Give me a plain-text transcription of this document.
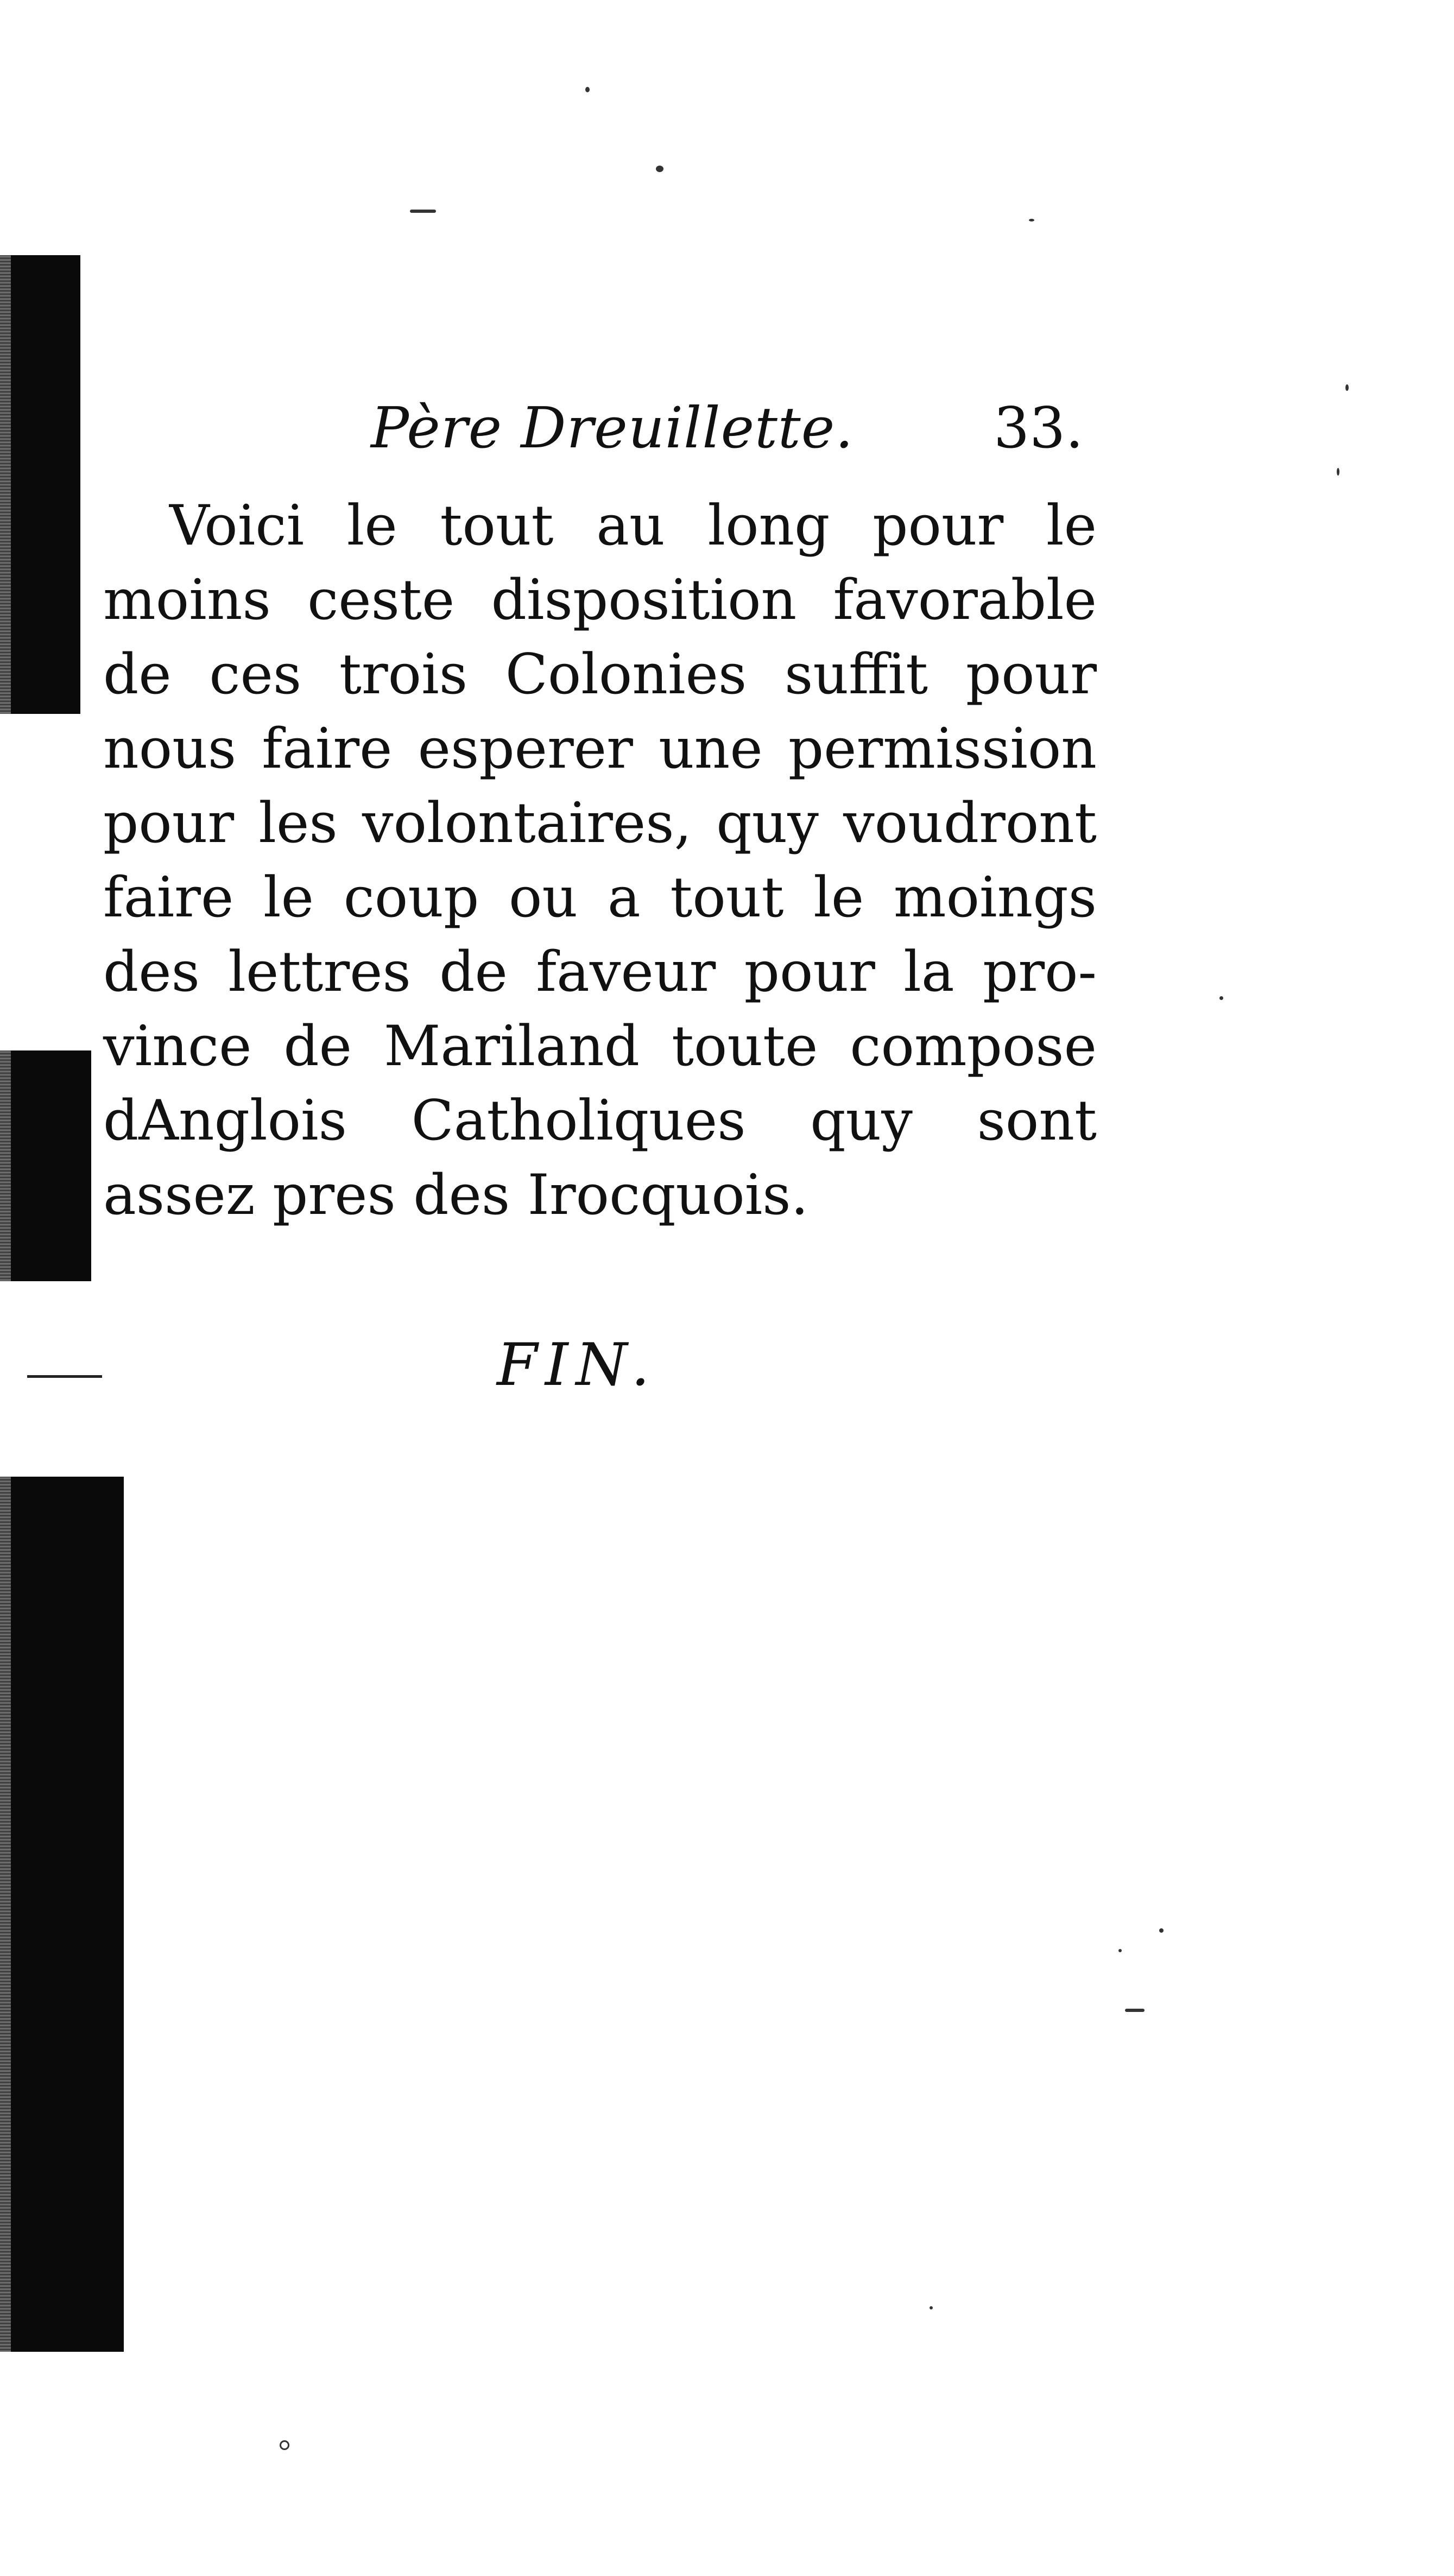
Père Dreuillette. 33.
Voici le tout au long pour le
moins ceste disposition favorable
de ces trois Colonies suffit pour
nous faire esperer une permission
pour les volontaires, quy voudront
faire le coup ou a tout le moings
des lettres de faveur pour la pro-
vince de Mariland toute compose
dAnglois Catholiques quy sont
assez pres des Irocquois.
FIN.
